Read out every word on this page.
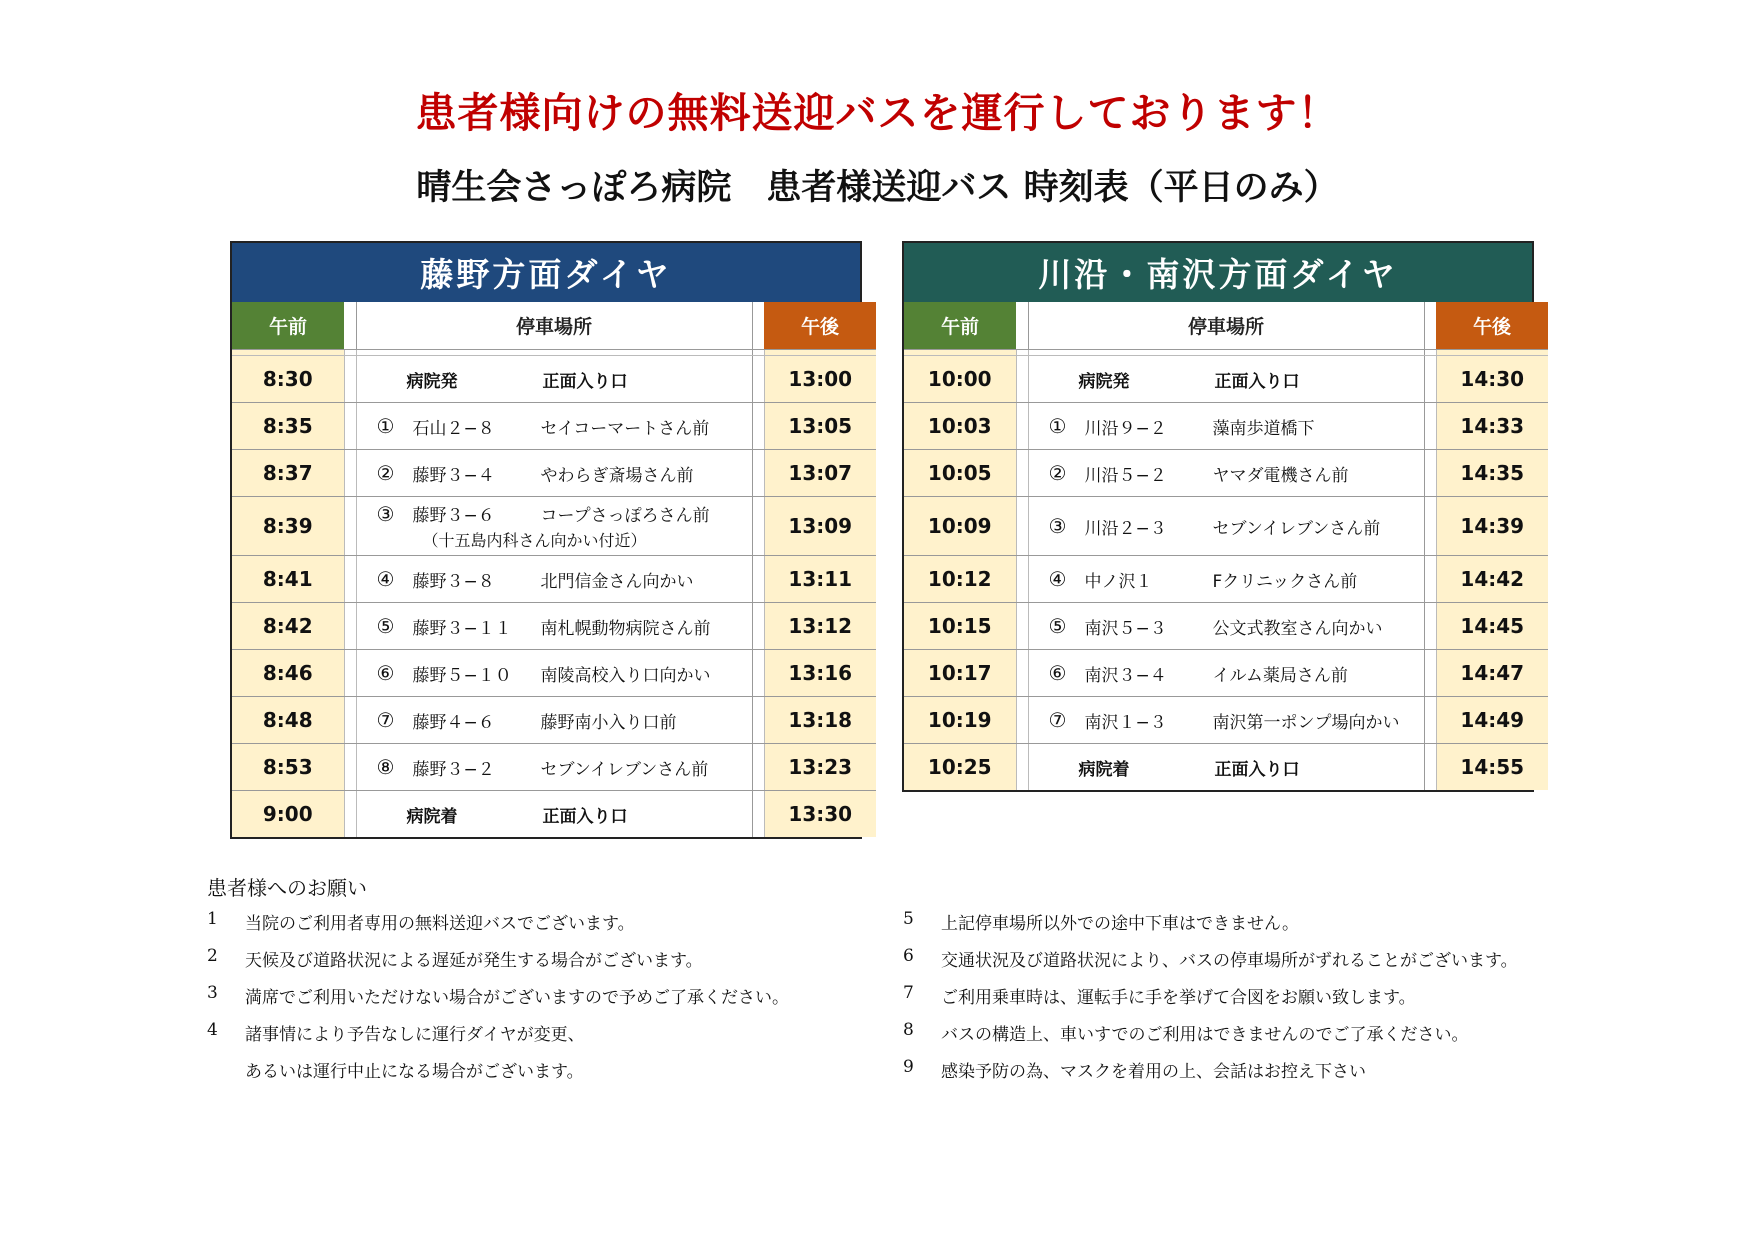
患者様向けの無料送迎バスを運行しております！
晴生会さっぽろ病院　患者様送迎バス 時刻表（平日のみ）
藤野方面ダイヤ
午前		停車場所		午後

8:30		病院発 正面入り口		13:00
8:35		① 石山２−８ セイコーマートさん前		13:05
8:37		② 藤野３−４ やわらぎ斎場さん前		13:07
8:39		③ 藤野３−６ コープさっぽろさん前
（十五島内科さん向かい付近）		13:09
8:41		④ 藤野３−８ 北門信金さん向かい		13:11
8:42		⑤ 藤野３−１１ 南札幌動物病院さん前		13:12
8:46		⑥ 藤野５−１０ 南陵高校入り口向かい		13:16
8:48		⑦ 藤野４−６ 藤野南小入り口前		13:18
8:53		⑧ 藤野３−２ セブンイレブンさん前		13:23
9:00		病院着 正面入り口		13:30
川沿・南沢方面ダイヤ
午前		停車場所		午後

10:00		病院発 正面入り口		14:30
10:03		① 川沿９−２ 藻南歩道橋下		14:33
10:05		② 川沿５−２ ヤマダ電機さん前		14:35
10:09		③ 川沿２−３ セブンイレブンさん前		14:39
10:12		④ 中ノ沢１ Fクリニックさん前		14:42
10:15		⑤ 南沢５−３ 公文式教室さん向かい		14:45
10:17		⑥ 南沢３−４ イルム薬局さん前		14:47
10:19		⑦ 南沢１−３ 南沢第一ポンプ場向かい		14:49
10:25		病院着 正面入り口		14:55
患者様へのお願い
1	当院のご利用者専用の無料送迎バスでございます。
2	天候及び道路状況による遅延が発生する場合がございます。
3	満席でご利用いただけない場合がございますので予めご了承ください。
4	諸事情により予告なしに運行ダイヤが変更、
あるいは運行中止になる場合がございます。
5	上記停車場所以外での途中下車はできません。
6	交通状況及び道路状況により、バスの停車場所がずれることがございます。
7	ご利用乗車時は、運転手に手を挙げて合図をお願い致します。
8	バスの構造上、車いすでのご利用はできませんのでご了承ください。
9	感染予防の為、マスクを着用の上、会話はお控え下さい
